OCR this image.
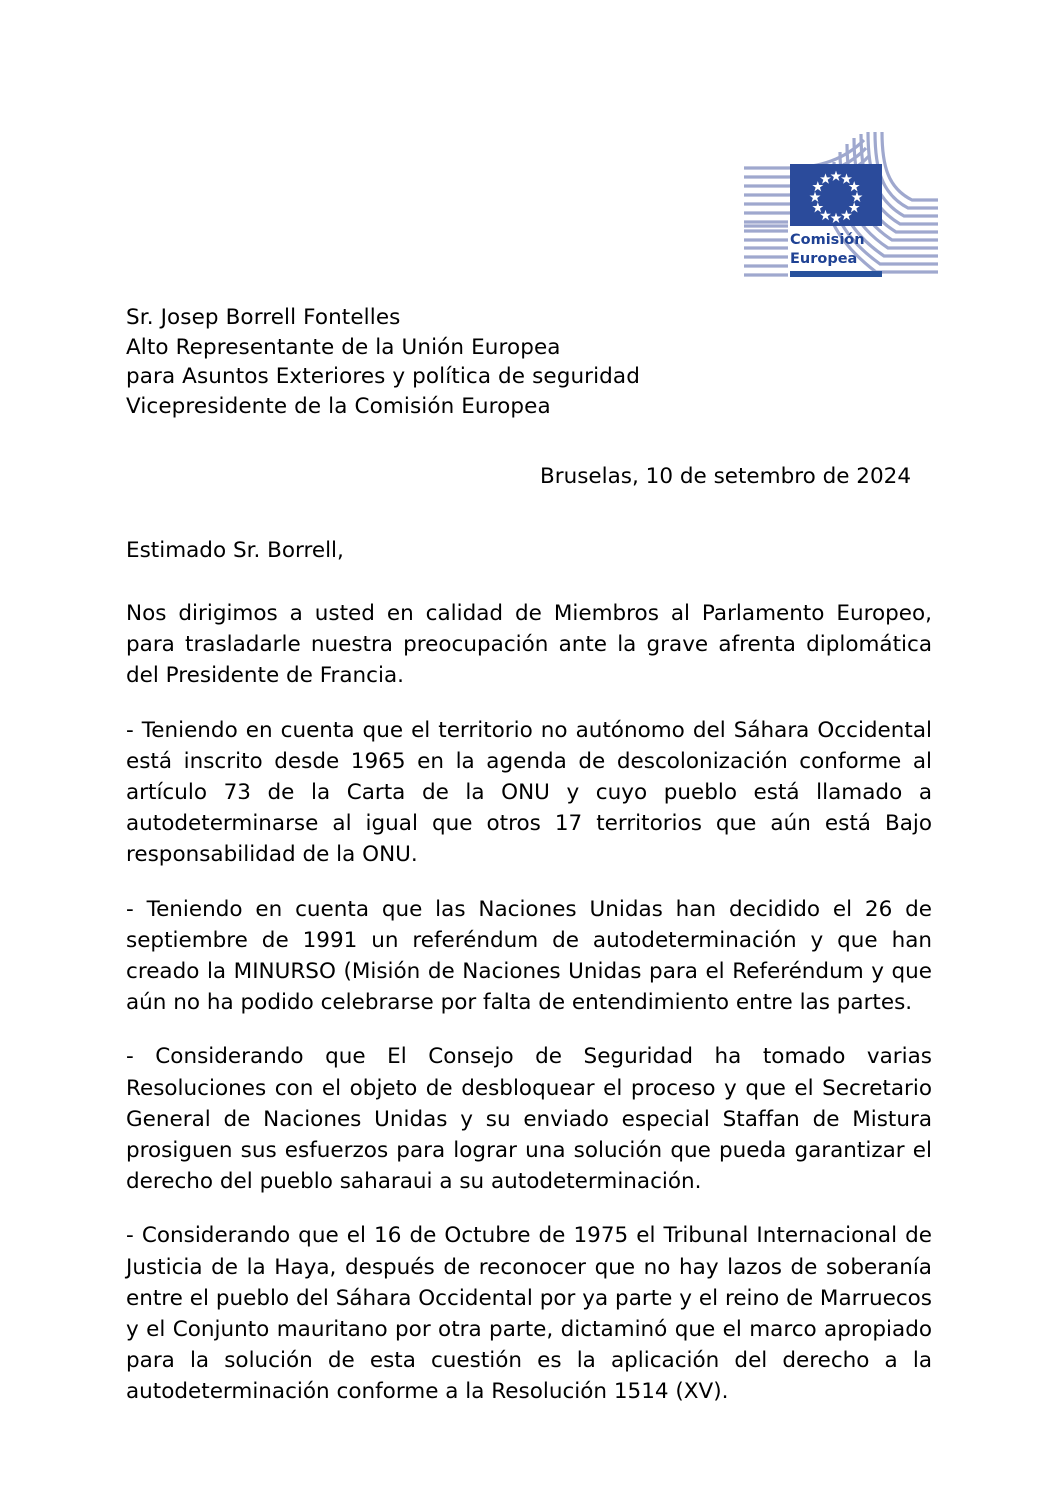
Comisión
Europea
Sr. Josep Borrell Fontelles
Alto Representante de la Unión Europea
para Asuntos Exteriores y política de seguridad
Vicepresidente de la Comisión Europea
Bruselas, 10 de setembro de 2024

Estimado Sr. Borrell,

Nos dirigimos a usted en calidad de Miembros al Parlamento Europeo, para trasladarle nuestra preocupación ante la grave afrenta diplomática del Presidente de Francia.

- Teniendo en cuenta que el territorio no autónomo del Sáhara Occidental está inscrito desde 1965 en la agenda de descolonización conforme al artículo 73 de la Carta de la ONU y cuyo pueblo está llamado a autodeterminarse al igual que otros 17 territorios que aún está Bajo responsabilidad de la ONU.

- Teniendo en cuenta que las Naciones Unidas han decidido el 26 de septiembre de 1991 un referéndum de autodeterminación y que han creado la MINURSO (Misión de Naciones Unidas para el Referéndum y que aún no ha podido celebrarse por falta de entendimiento entre las partes.

- Considerando que El Consejo de Seguridad ha tomado varias Resoluciones con el objeto de desbloquear el proceso y que el Secretario General de Naciones Unidas y su enviado especial Staffan de Mistura prosiguen sus esfuerzos para lograr una solución que pueda garantizar el derecho del pueblo saharaui a su autodeterminación.

- Considerando que el 16 de Octubre de 1975 el Tribunal Internacional de Justicia de la Haya, después de reconocer que no hay lazos de soberanía entre el pueblo del Sáhara Occidental por ya parte y el reino de Marruecos y el Conjunto mauritano por otra parte, dictaminó que el marco apropiado para la solución de esta cuestión es la aplicación del derecho a la autodeterminación conforme a la Resolución 1514 (XV).
